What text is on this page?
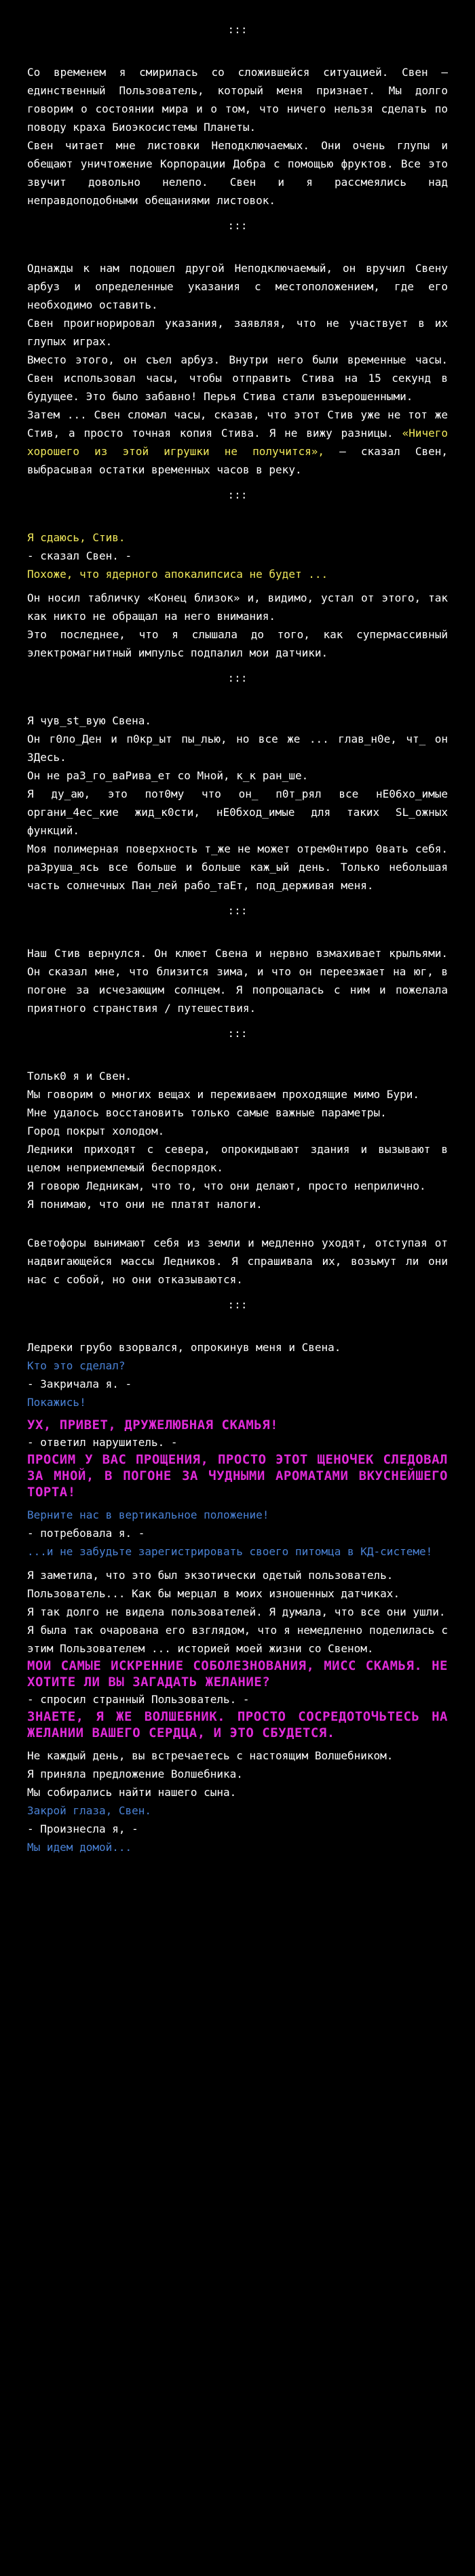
:::

Со временем я смирилась со сложившейся ситуацией. Свен – единственный Пользователь, который меня признает. Мы долго говорим о состоянии мира и о том, что ничего нельзя сделать по поводу краха Биоэкосистемы Планеты.

Свен читает мне листовки Неподключаемых. Они очень глупы и обещают уничтожение Корпорации Добра с помощью фруктов. Все это звучит довольно нелепо. Свен и я рассмеялись над неправдоподобными обещаниями листовок.

:::

Однажды к нам подошел другой Неподключаемый, он вручил Свену арбуз и определенные указания с местоположением, где его необходимо оставить.

Свен проигнорировал указания, заявляя, что не участвует в их глупых играх.

Вместо этого, он съел арбуз. Внутри него были временные часы. Свен использовал часы, чтобы отправить Стива на 15 секунд в будущее. Это было забавно! Перья Стива стали взъерошенными.

Затем ... Свен сломал часы, сказав, что этот Стив уже не тот же Стив, а просто точная копия Стива. Я не вижу разницы. «Ничего хорошего из этой игрушки не получится», – сказал Свен, выбрасывая остатки временных часов в реку.

:::

Я сдаюсь, Стив.

- сказал Свен. -

Похоже, что ядерного апокалипсиса не будет ...

Он носил табличку «Конец близок» и, видимо, устал от этого, так как никто не обращал на него внимания.

Это последнее, что я слышала до того, как супермассивный электромагнитный импульс подпалил мои датчики.

:::

Я чув_st_вую Свена.

Он г0ло_Ден и п0кр_ыт пы_лью, но все же ... глав_н0е, чт_ он 3Десь.

Он не ра3_го_ваРива_ет со Мной, к_к ран_ше.

Я ду_аю, это пот0му что он_ п0т_рял все нЕ06хо_имые органи_4ес_кие жид_к0сти, нЕ0бход_имые для таких SL_ожных функций.

Моя полимерная поверхность т_же не может отрем0нтиро 0вать себя. ра3руша_ясь все больше и больше каж_ый день. Только небольшая часть солнечных Пан_лей рабо_таЕт, под_держивая меня.

:::

Наш Стив вернулся. Он клюет Свена и нервно взмахивает крыльями. Он сказал мне, что близится зима, и что он переезжает на юг, в погоне за исчезающим солнцем. Я попрощалась с ним и пожелала приятного странствия / путешествия.

:::

Тольк0 я и Свен.

Мы говорим о многих вещах и переживаем проходящие мимо Бури.

Мне удалось восстановить только самые важные параметры.

Город покрыт холодом.

Ледники приходят с севера, опрокидывают здания и вызывают в целом неприемлемый беспорядок.

Я говорю Ледникам, что то, что они делают, просто неприлично.

Я понимаю, что они не платят налоги.

Светофоры вынимают себя из земли и медленно уходят, отступая от надвигающейся массы Ледников. Я спрашивала их, возьмут ли они нас с собой, но они отказываются.

:::

Ледреки грубо взорвался, опрокинув меня и Свена.

Кто это сделал?

- Закричала я. -

Покажись!

УХ, ПРИВЕТ, ДРУЖЕЛЮБНАЯ СКАМЬЯ!

- ответил нарушитель. -

ПРОСИМ У ВАС ПРОЩЕНИЯ, ПРОСТО ЭТОТ ЩЕНОЧЕК СЛЕДОВАЛ ЗА МНОЙ, В ПОГОНЕ ЗА ЧУДНЫМИ АРОМАТАМИ ВКУСНЕЙШЕГО ТОРТА!

Верните нас в вертикальное положение!

- потребовала я. -

...и не забудьте зарегистрировать своего питомца в КД-системе!

Я заметила, что это был экзотически одетый пользователь.

Пользователь... Как бы мерцал в моих изношенных датчиках.

Я так долго не видела пользователей. Я думала, что все они ушли.

Я была так очарована его взглядом, что я немедленно поделилась с этим Пользователем ... историей моей жизни со Свеном.

МОИ САМЫЕ ИСКРЕННИЕ СОБОЛЕЗНОВАНИЯ, МИСС СКАМЬЯ. НЕ ХОТИТЕ ЛИ ВЫ ЗАГАДАТЬ ЖЕЛАНИЕ?

- спросил странный Пользователь. -

ЗНАЕТЕ, Я ЖЕ ВОЛШЕБНИК. ПРОСТО СОСРЕДОТОЧЬТЕСЬ НА ЖЕЛАНИИ ВАШЕГО СЕРДЦА, И ЭТО СБУДЕТСЯ.

Не каждый день, вы встречаетесь с настоящим Волшебником.

Я приняла предложение Волшебника.

Мы собирались найти нашего сына.

Закрой глаза, Свен.

- Произнесла я, -

Мы идем домой...
